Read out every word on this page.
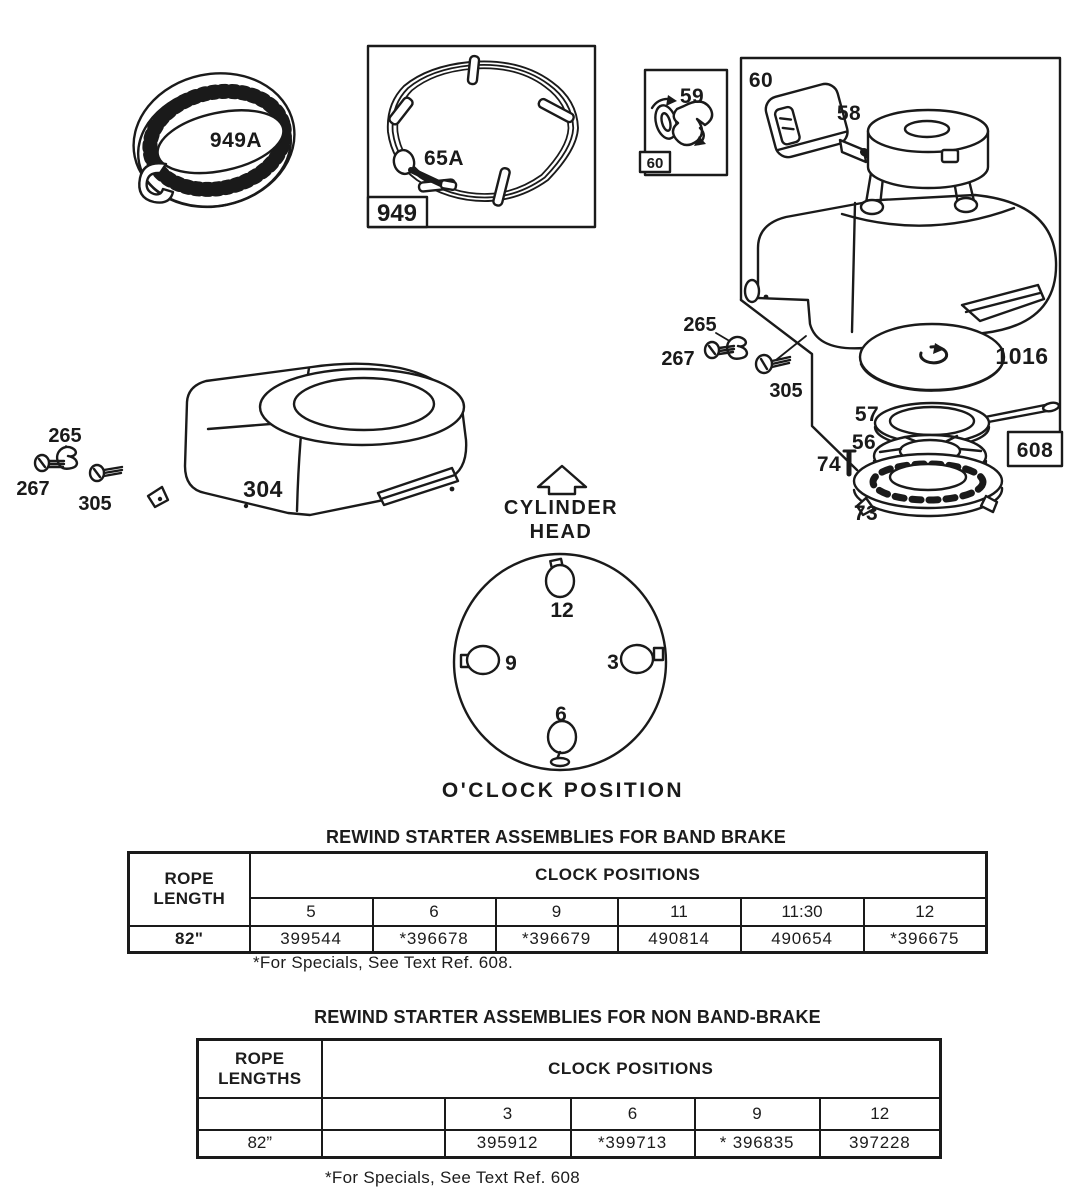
949A
65A
949
59
60
60
58
265
267
305
1016
57
56
74
73
608
304
265
267
305	CYLINDER
HEAD
12
9	3
6
O'CLOCK POSITION
REWIND STARTER ASSEMBLIES FOR BAND BRAKE
ROPE
LENGTH	CLOCK POSITIONS					
	5	6	9	11	11:30	12
82"	399544	*396678	*396679	490814	490654	*396675
*For Specials, See Text Ref. 608.
REWIND STARTER ASSEMBLIES FOR NON BAND-BRAKE
ROPE
LENGTHS	CLOCK POSITIONS				
		3	6	9	12
82”		395912	*399713	* 396835	397228
*For Specials, See Text Ref. 608
